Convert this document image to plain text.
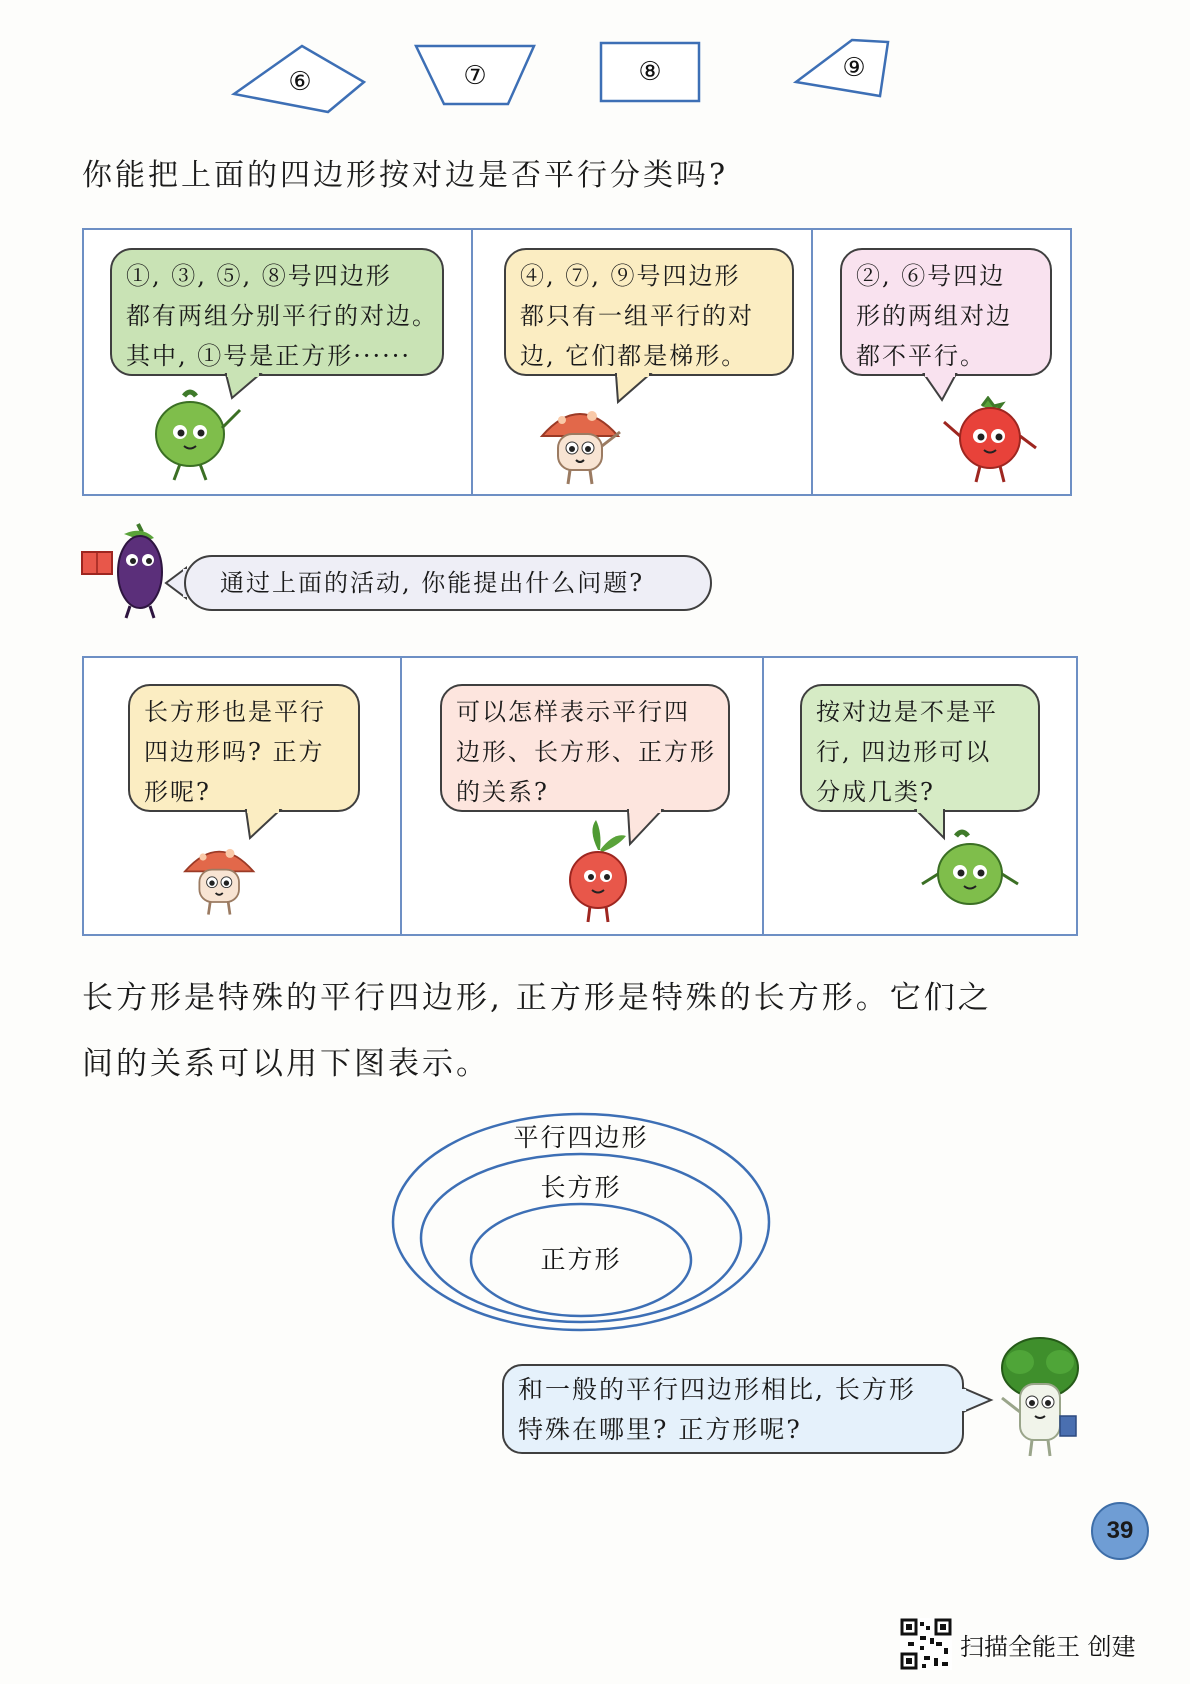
⑥	⑦	⑧	⑨
你能把上面的四边形按对边是否平行分类吗?
①, ③, ⑤, ⑧号四边形
都有两组分别平行的对边。
其中, ①号是正方形······
④, ⑦, ⑨号四边形
都只有一组平行的对
边, 它们都是梯形。
②, ⑥号四边
形的两组对边
都不平行。
通过上面的活动, 你能提出什么问题?
长方形也是平行
四边形吗? 正方
形呢?
可以怎样表示平行四
边形、长方形、正方形
的关系?
按对边是不是平
行, 四边形可以
分成几类?
长方形是特殊的平行四边形, 正方形是特殊的长方形。它们之
间的关系可以用下图表示。
平行四边形
长方形
正方形
和一般的平行四边形相比, 长方形
特殊在哪里? 正方形呢?
39
扫描全能王 创建
